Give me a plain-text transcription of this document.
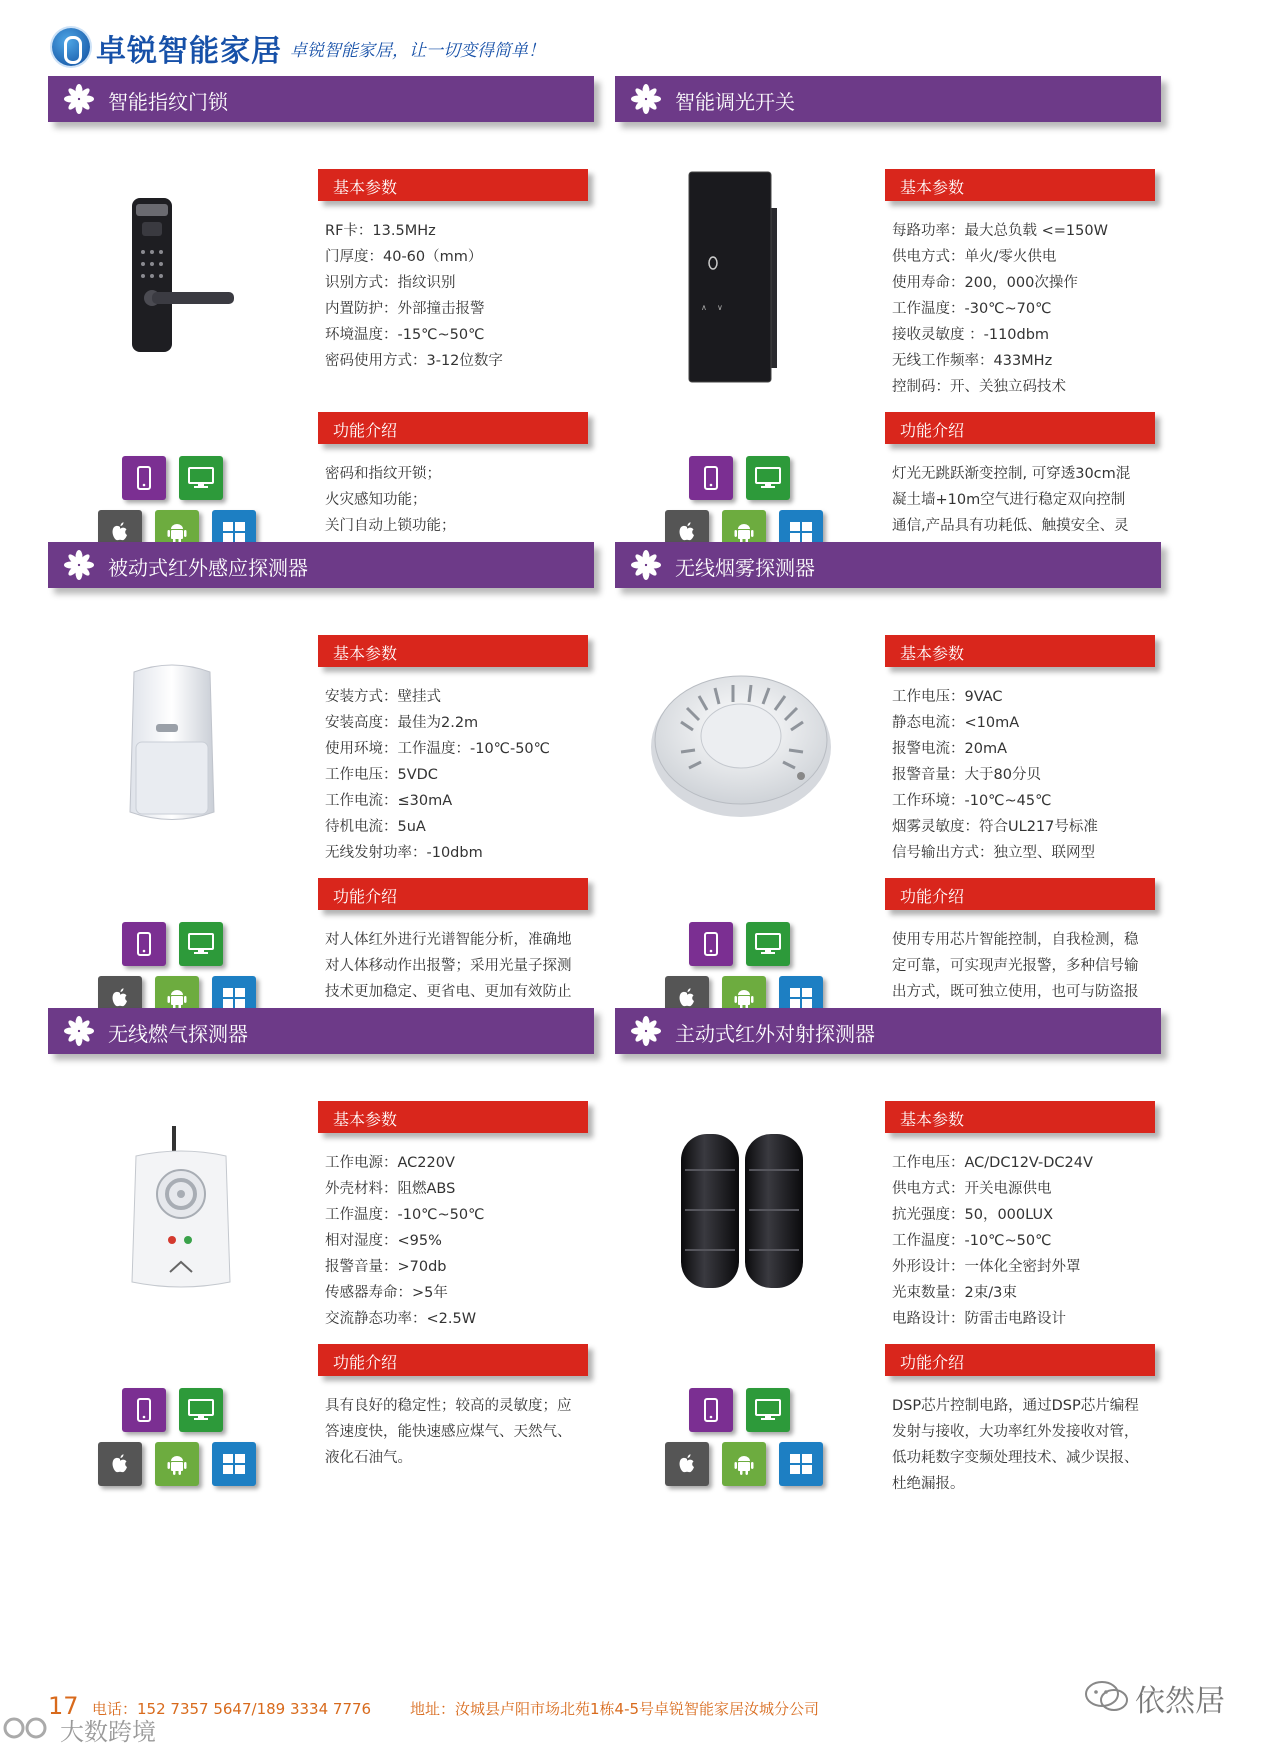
卓锐智能家居 卓锐智能家居，让一切变得简单！
智能指纹门锁
基本参数
RF卡：13.5MHz
门厚度：40-60（mm）
识别方式：指纹识别
内置防护：外部撞击报警
环境温度：-15℃~50℃
密码使用方式：3-12位数字
功能介绍
密码和指纹开锁；
火灾感知功能；
关门自动上锁功能；
智能调光开关
基本参数
每路功率：最大总负载 <=150W
供电方式：单火/零火供电
使用寿命：200，000次操作
工作温度：-30℃~70℃
接收灵敏度 ：-110dbm
无线工作频率：433MHz
控制码：开、关独立码技术
功能介绍
灯光无跳跃渐变控制, 可穿透30cm混
凝土墙+10m空气进行稳定双向控制
通信,产品具有功耗低、触摸安全、灵
∧ ∨
被动式红外感应探测器
基本参数
安装方式：壁挂式
安装高度：最佳为2.2m
使用环境：工作温度：-10℃-50℃
工作电压：5VDC
工作电流：≤30mA
待机电流：5uA
无线发射功率：-10dbm
功能介绍
对人体红外进行光谱智能分析，准确地
对人体移动作出报警；采用光量子探测
技术更加稳定、更省电、更加有效防止
无线烟雾探测器
基本参数
工作电压：9VAC
静态电流：<10mA
报警电流：20mA
报警音量：大于80分贝
工作环境：-10℃~45℃
烟雾灵敏度：符合UL217号标准
信号输出方式：独立型、联网型
功能介绍
使用专用芯片智能控制，自我检测，稳
定可靠，可实现声光报警，多种信号输
出方式，既可独立使用，也可与防盗报
无线燃气探测器
基本参数
工作电源：AC220V
外壳材料：阻燃ABS
工作温度：-10℃~50℃
相对湿度：<95%
报警音量：>70db
传感器寿命：>5年
交流静态功率：<2.5W
功能介绍
具有良好的稳定性；较高的灵敏度；应
答速度快，能快速感应煤气、天然气、
液化石油气。
主动式红外对射探测器
基本参数
工作电压：AC/DC12V-DC24V
供电方式：开关电源供电
抗光强度：50，000LUX
工作温度：-10℃~50℃
外形设计：一体化全密封外罩
光束数量：2束/3束
电路设计：防雷击电路设计
功能介绍
DSP芯片控制电路，通过DSP芯片编程
发射与接收，大功率红外发接收对管，
低功耗数字变频处理技术、减少误报、
杜绝漏报。
17 电话：152 7357 5647/189 3334 7776	地址：汝城县卢阳市场北苑1栋4-5号卓锐智能家居汝城分公司	依然居
大数跨境
